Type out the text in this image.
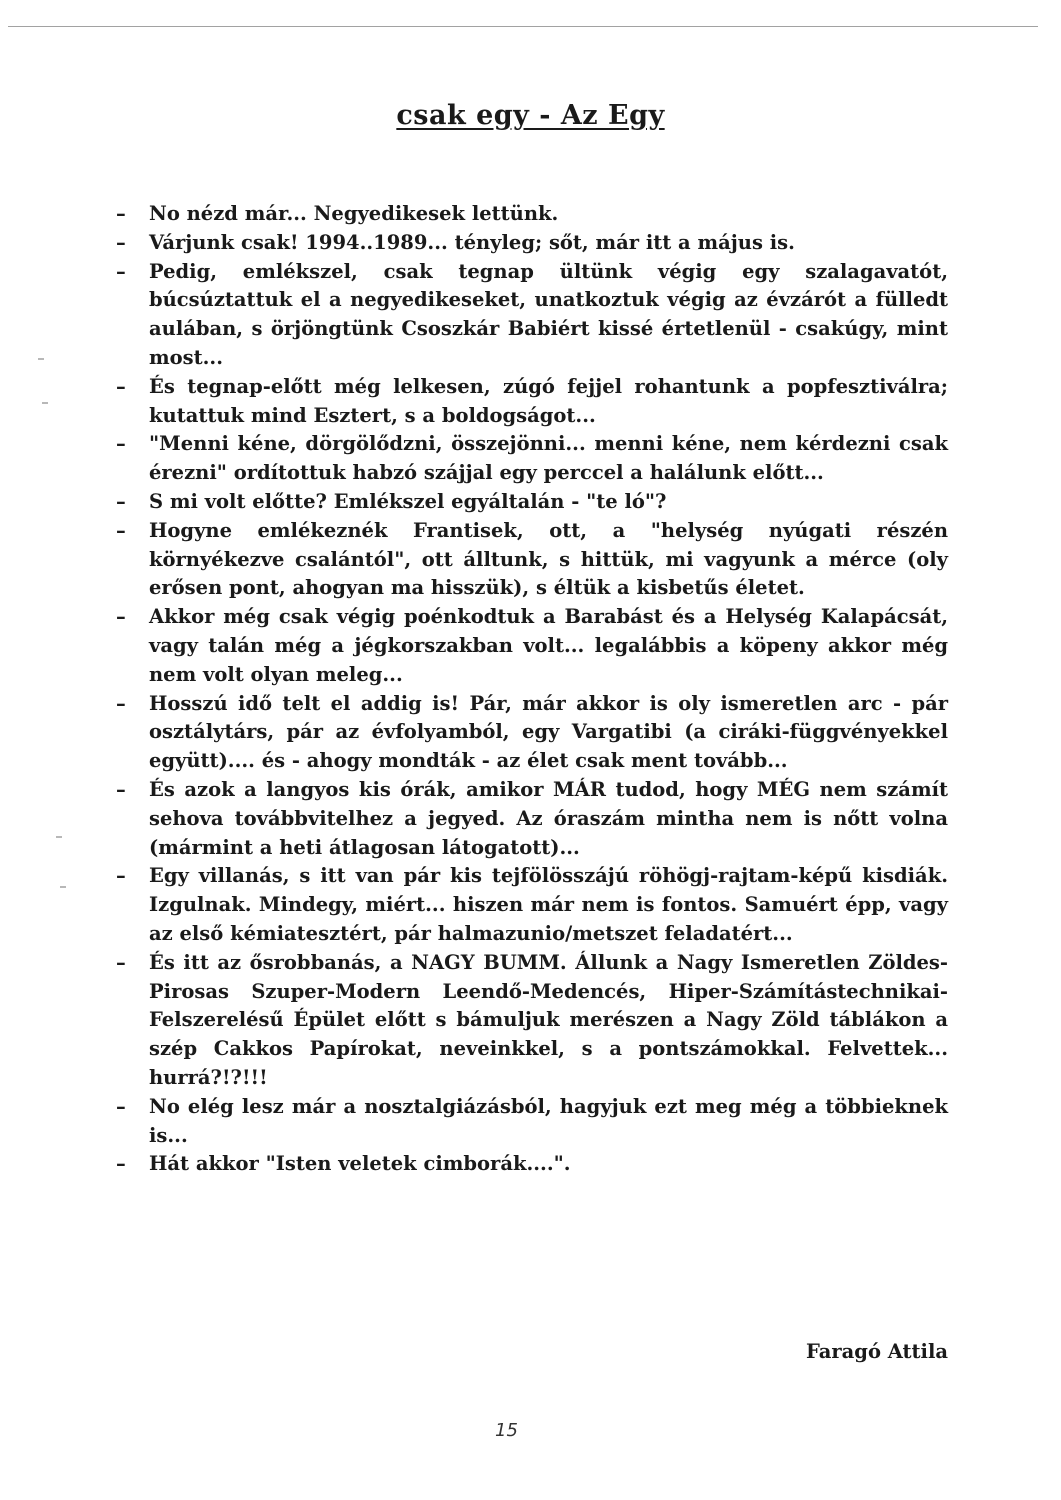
csak egy - Az Egy
– No nézd már... Negyedikesek lettünk.
– Várjunk csak! 1994..1989... tényleg; sőt, már itt a május is.
– Pedig, emlékszel, csak tegnap ültünk végig egy szalagavatót, búcsúztattuk el a negyedikeseket, unatkoztuk végig az évzárót a fülledt aulában, s örjöngtünk Csoszkár Babiért kissé értetlenül - csakúgy, mint most...
– És tegnap-előtt még lelkesen, zúgó fejjel rohantunk a popfesztiválra; kutattuk mind Esztert, s a boldogságot...
– "Menni kéne, dörgölődzni, összejönni... menni kéne, nem kérdezni csak érezni" ordítottuk habzó szájjal egy perccel a halálunk előtt...
– S mi volt előtte? Emlékszel egyáltalán - "te ló"?
– Hogyne emlékeznék Frantisek, ott, a "helység nyúgati részén környékezve csalántól", ott álltunk, s hittük, mi vagyunk a mérce (oly erősen pont, ahogyan ma hisszük), s éltük a kisbetűs életet.
– Akkor még csak végig poénkodtuk a Barabást és a Helység Kalapácsát, vagy talán még a jégkorszakban volt... legalábbis a köpeny akkor még nem volt olyan meleg...
– Hosszú idő telt el addig is! Pár, már akkor is oly ismeretlen arc - pár osztálytárs, pár az évfolyamból, egy Vargatibi (a ciráki-függvényekkel együtt).... és - ahogy mondták - az élet csak ment tovább...
– És azok a langyos kis órák, amikor MÁR tudod, hogy MÉG nem számít sehova továbbvitelhez a jegyed. Az óraszám mintha nem is nőtt volna (mármint a heti átlagosan látogatott)...
– Egy villanás, s itt van pár kis tejfölösszájú röhögj-rajtam-képű kisdiák. Izgulnak. Mindegy, miért... hiszen már nem is fontos. Samuért épp, vagy az első kémiatesztért, pár halmazunio/metszet feladatért...
– És itt az ősrobbanás, a NAGY BUMM. Állunk a Nagy Ismeretlen Zöldes-Pirosas Szuper-Modern Leendő-Medencés, Hiper-Számítástechnikai-Felszerelésű Épület előtt s bámuljuk merészen a Nagy Zöld táblákon a szép Cakkos Papírokat, neveinkkel, s a pontszámokkal. Felvettek... hurrá?!?!!!
– No elég lesz már a nosztalgiázásból, hagyjuk ezt meg még a többieknek is...
– Hát akkor "Isten veletek cimborák....".

Faragó Attila

15
